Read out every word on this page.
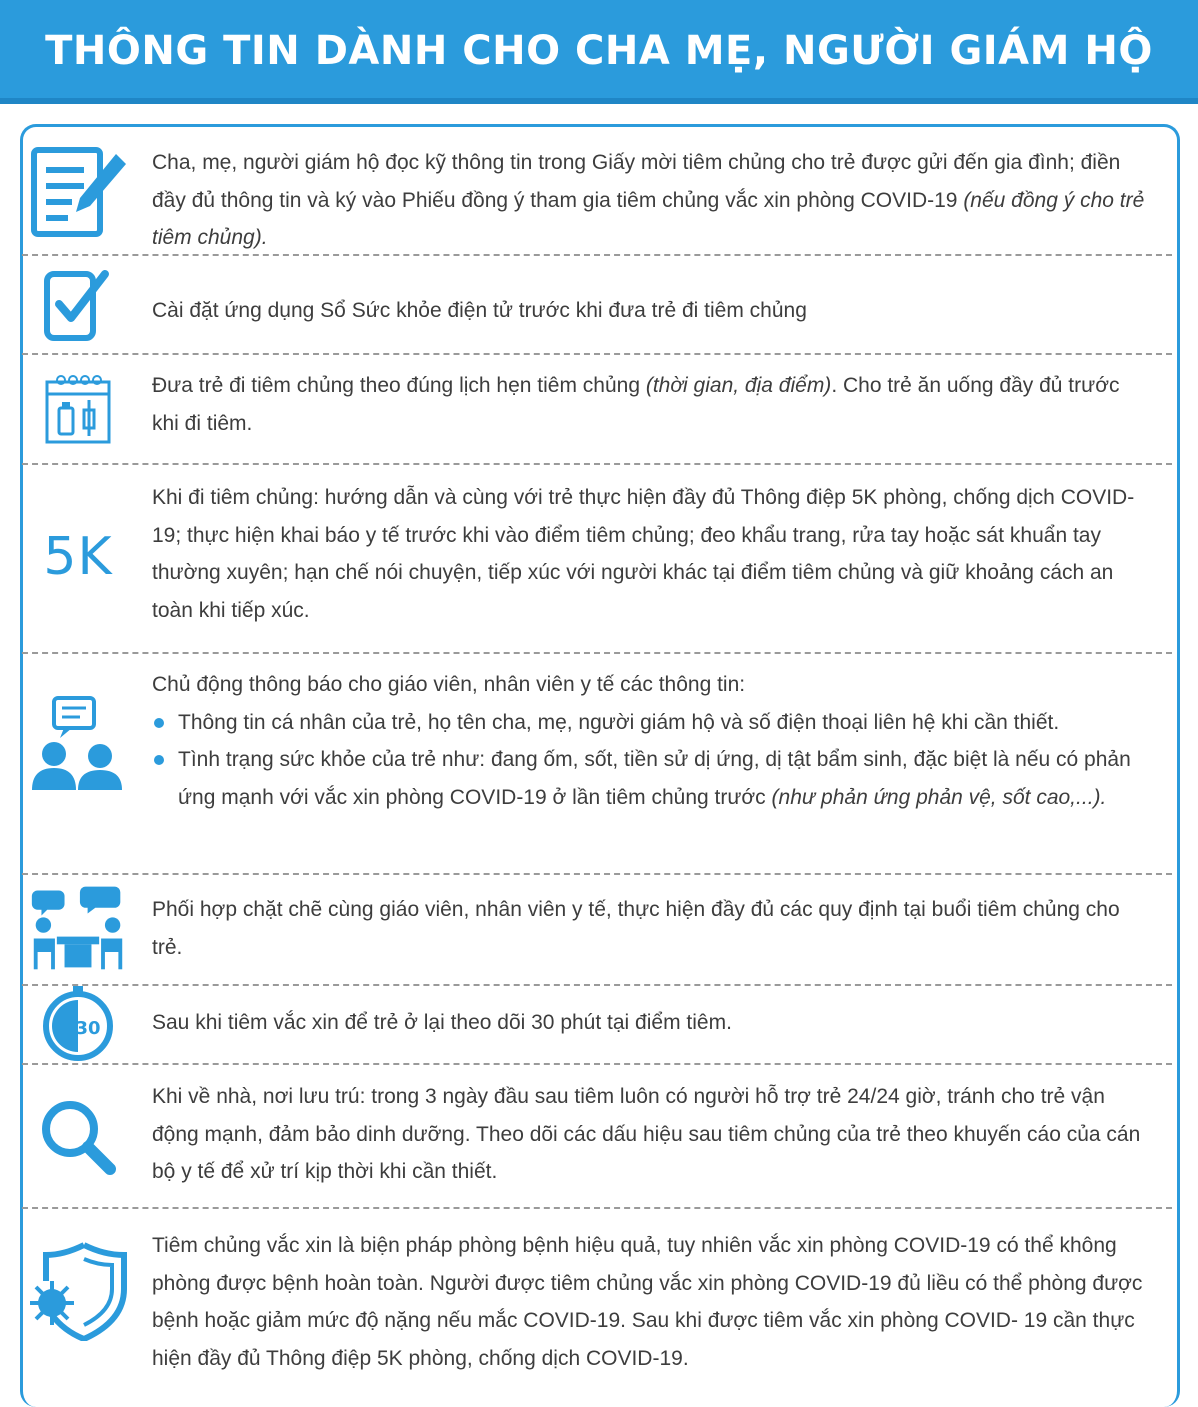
THÔNG TIN DÀNH CHO CHA MẸ, NGƯỜI GIÁM HỘ
Cha, mẹ, người giám hộ đọc kỹ thông tin trong Giấy mời tiêm chủng cho trẻ được gửi đến gia đình; điền đầy đủ thông tin và ký vào Phiếu đồng ý tham gia tiêm chủng vắc xin phòng COVID-19 (nếu đồng ý cho trẻ tiêm chủng).
Cài đặt ứng dụng Sổ Sức khỏe điện tử trước khi đưa trẻ đi tiêm chủng
Đưa trẻ đi tiêm chủng theo đúng lịch hẹn tiêm chủng (thời gian, địa điểm). Cho trẻ ăn uống đầy đủ trước khi đi tiêm.
5K
Khi đi tiêm chủng: hướng dẫn và cùng với trẻ thực hiện đầy đủ Thông điệp 5K phòng, chống dịch COVID-19; thực hiện khai báo y tế trước khi vào điểm tiêm chủng; đeo khẩu trang, rửa tay hoặc sát khuẩn tay thường xuyên; hạn chế nói chuyện, tiếp xúc với người khác tại điểm tiêm chủng và giữ khoảng cách an toàn khi tiếp xúc.
Chủ động thông báo cho giáo viên, nhân viên y tế các thông tin:
Thông tin cá nhân của trẻ, họ tên cha, mẹ, người giám hộ và số điện thoại liên hệ khi cần thiết.
Tình trạng sức khỏe của trẻ như: đang ốm, sốt, tiền sử dị ứng, dị tật bẩm sinh, đặc biệt là nếu có phản ứng mạnh với vắc xin phòng COVID-19 ở lần tiêm chủng trước (như phản ứng phản vệ, sốt cao,...).
Phối hợp chặt chẽ cùng giáo viên, nhân viên y tế, thực hiện đầy đủ các quy định tại buổi tiêm chủng cho trẻ.
30 Sau khi tiêm vắc xin để trẻ ở lại theo dõi 30 phút tại điểm tiêm.
Khi về nhà, nơi lưu trú: trong 3 ngày đầu sau tiêm luôn có người hỗ trợ trẻ 24/24 giờ, tránh cho trẻ vận động mạnh, đảm bảo dinh dưỡng. Theo dõi các dấu hiệu sau tiêm chủng của trẻ theo khuyến cáo của cán bộ y tế để xử trí kịp thời khi cần thiết.
Tiêm chủng vắc xin là biện pháp phòng bệnh hiệu quả, tuy nhiên vắc xin phòng COVID-19 có thể không phòng được bệnh hoàn toàn. Người được tiêm chủng vắc xin phòng COVID-19 đủ liều có thể phòng được bệnh hoặc giảm mức độ nặng nếu mắc COVID-19. Sau khi được tiêm vắc xin phòng COVID- 19 cần thực hiện đầy đủ Thông điệp 5K phòng, chống dịch COVID-19.
